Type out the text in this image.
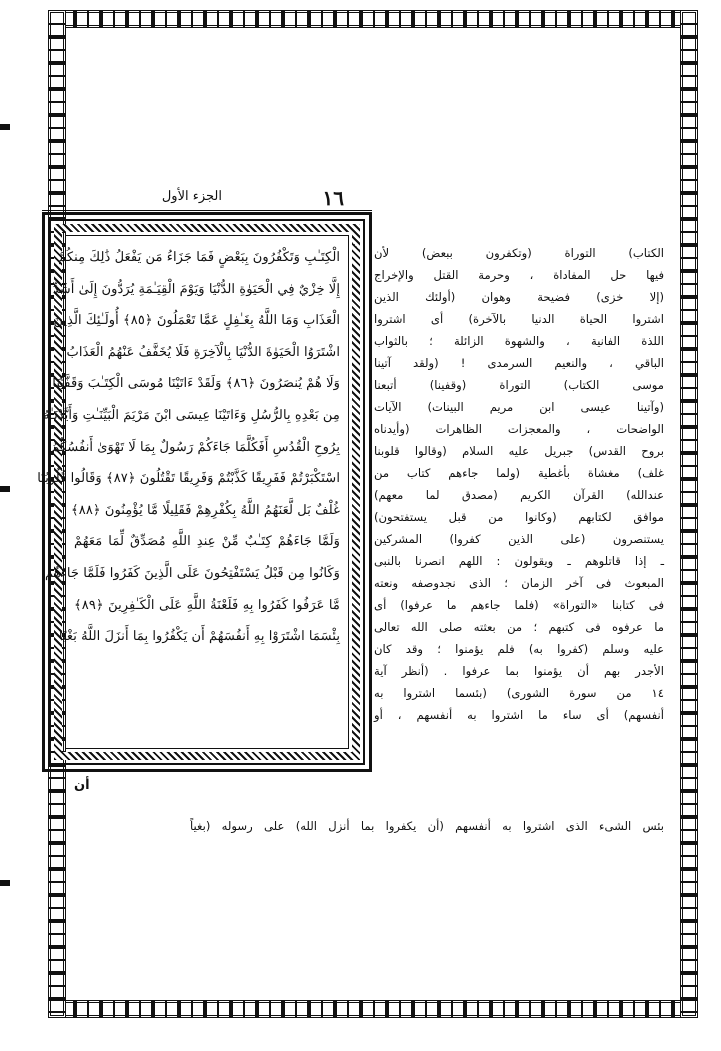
١٦
الجزء الأول
الْكِتَـٰبِ وَتَكْفُرُونَ بِبَعْضٍ فَمَا جَزَاءُ مَن يَفْعَلُ ذَٰلِكَ مِنكُمْ
إِلَّا خِزْيٌ فِي الْحَيَوٰةِ الدُّنْيَا وَيَوْمَ الْقِيَـٰمَةِ يُرَدُّونَ إِلَىٰ أَشَدِّ
الْعَذَابِ وَمَا اللَّهُ بِغَـٰفِلٍ عَمَّا تَعْمَلُونَ ﴿٨٥﴾ أُولَـٰئِكَ الَّذِينَ
اشْتَرَوُا الْحَيَوٰةَ الدُّنْيَا بِالْآخِرَةِ فَلَا يُخَفَّفُ عَنْهُمُ الْعَذَابُ
وَلَا هُمْ يُنصَرُونَ ﴿٨٦﴾ وَلَقَدْ ءَاتَيْنَا مُوسَى الْكِتَـٰبَ وَقَفَّيْنَا
مِن بَعْدِهِ بِالرُّسُلِ وَءَاتَيْنَا عِيسَى ابْنَ مَرْيَمَ الْبَيِّنَـٰتِ وَأَيَّدْنَـٰهُ
بِرُوحِ الْقُدُسِ أَفَكُلَّمَا جَاءَكُمْ رَسُولٌ بِمَا لَا تَهْوَىٰ أَنفُسُكُمُ
اسْتَكْبَرْتُمْ فَفَرِيقًا كَذَّبْتُمْ وَفَرِيقًا تَقْتُلُونَ ﴿٨٧﴾ وَقَالُوا قُلُوبُنَا
غُلْفٌ بَل لَّعَنَهُمُ اللَّهُ بِكُفْرِهِمْ فَقَلِيلًا مَّا يُؤْمِنُونَ ﴿٨٨﴾
وَلَمَّا جَاءَهُمْ كِتَـٰبٌ مِّنْ عِندِ اللَّهِ مُصَدِّقٌ لِّمَا مَعَهُمْ
وَكَانُوا مِن قَبْلُ يَسْتَفْتِحُونَ عَلَى الَّذِينَ كَفَرُوا فَلَمَّا جَاءَهُم
مَّا عَرَفُوا كَفَرُوا بِهِ فَلَعْنَةُ اللَّهِ عَلَى الْكَـٰفِرِينَ ﴿٨٩﴾
بِئْسَمَا اشْتَرَوْا بِهِ أَنفُسَهُمْ أَن يَكْفُرُوا بِمَا أَنزَلَ اللَّهُ بَغْيًا
أن
الكتاب) التوراة (وتكفرون ببعض) لأن
فيها حل المفاداة ، وحرمة القتل والإخراج
(إلا خزى) فضيحة وهوان (أولئك الذين
اشتروا الحياة الدنيا بالآخرة) أى اشتروا
اللذة الفانية ، والشهوة الزائلة ؛ بالثواب
الباقي ، والنعيم السرمدى ! (ولقد آتينا
موسى الكتاب) التوراة (وقفينا) أتبعنا
(وآتينا عيسى ابن مريم البينات) الآيات
الواضحات ، والمعجزات الظاهرات (وأيدناه
بروح القدس) جبريل عليه السلام (وقالوا قلوبنا
غلف) مغشاة بأغطية (ولما جاءهم كتاب من
عندالله) القرآن الكريم (مصدق لما معهم)
موافق لكتابهم (وكانوا من قبل يستفتحون)
يستنصرون (على الذين كفروا) المشركين
ـ إذا قاتلوهم ـ ويقولون : اللهم انصرنا بالنبى
المبعوث فى آخر الزمان ؛ الذى نجدوصفه ونعته
فى كتابنا «التوراة» (فلما جاءهم ما عرفوا) أى
ما عرفوه فى كتبهم ؛ من بعثته صلى الله تعالى
عليه وسلم (كفروا به) فلم يؤمنوا ؛ وقد كان
الأجدر بهم أن يؤمنوا بما عرفوا . (أنظر آية
١٤ من سورة الشورى) (بئسما اشتروا به
أنفسهم) أى ساء ما اشتروا به أنفسهم ، أو
بئس الشىء الذى اشتروا به أنفسهم (أن يكفروا بما أنزل الله) على رسوله (بغياً
